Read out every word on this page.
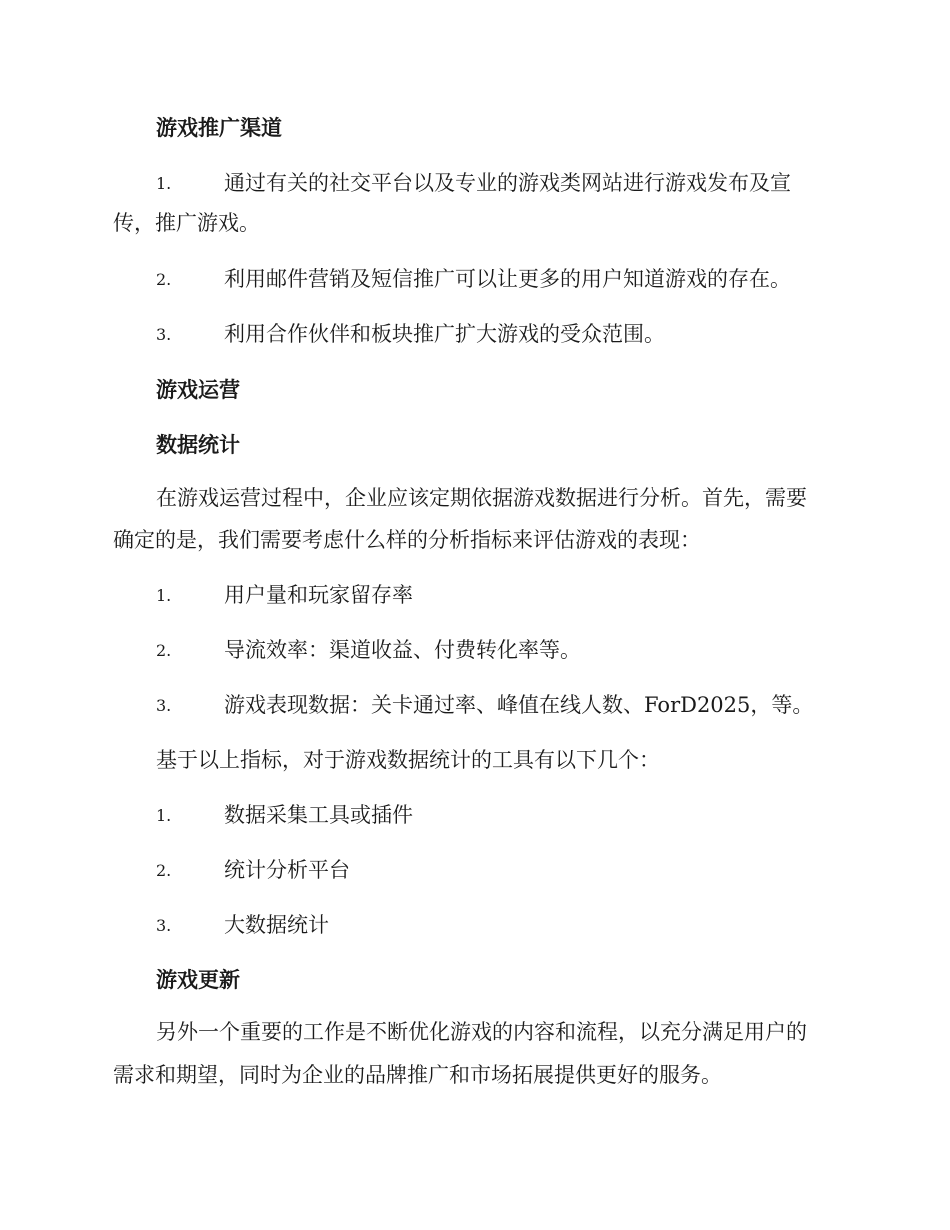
游戏推广渠道
1.	通过有关的社交平台以及专业的游戏类网站进行游戏发布及宣
传，推广游戏。
2.	利用邮件营销及短信推广可以让更多的用户知道游戏的存在。
3.	利用合作伙伴和板块推广扩大游戏的受众范围。
游戏运营
数据统计
在游戏运营过程中，企业应该定期依据游戏数据进行分析。首先，需要
确定的是，我们需要考虑什么样的分析指标来评估游戏的表现：
1.	用户量和玩家留存率
2.	导流效率：渠道收益、付费转化率等。
3.	游戏表现数据：关卡通过率、峰值在线人数、ForD2025，等。
基于以上指标，对于游戏数据统计的工具有以下几个：
1.	数据采集工具或插件
2.	统计分析平台
3.	大数据统计
游戏更新
另外一个重要的工作是不断优化游戏的内容和流程，以充分满足用户的
需求和期望，同时为企业的品牌推广和市场拓展提供更好的服务。
